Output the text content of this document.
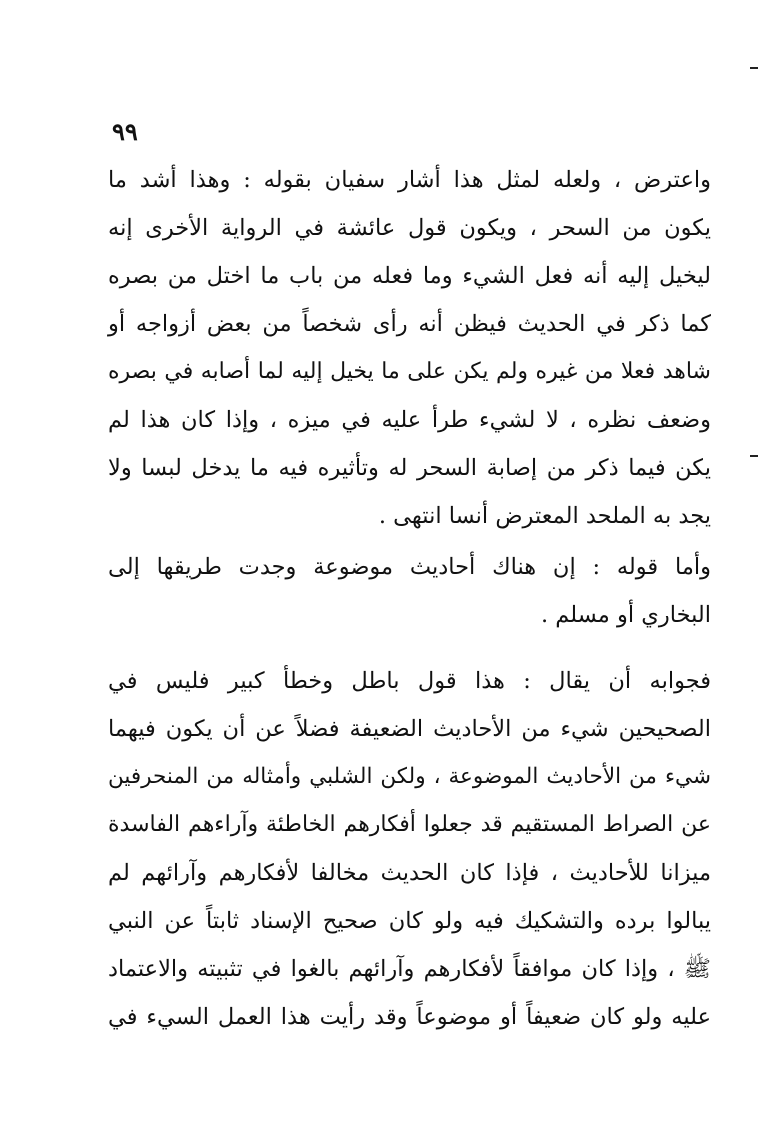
٩٩
واعترض ، ولعله لمثل هذا أشار سفيان بقوله : وهذا أشد ما
يكون من السحر ، ويكون قول عائشة في الرواية الأخرى إنه
ليخيل إليه أنه فعل الشيء وما فعله من باب ما اختل من بصره
كما ذكر في الحديث فيظن أنه رأى شخصاً من بعض أزواجه أو
شاهد فعلا من غيره ولم يكن على ما يخيل إليه لما أصابه في بصره
وضعف نظره ، لا لشيء طرأ عليه في ميزه ، وإذا كان هذا لم
يكن فيما ذكر من إصابة السحر له وتأثيره فيه ما يدخل لبسا ولا
يجد به الملحد المعترض أنسا انتهى .
وأما قوله : إن هناك أحاديث موضوعة وجدت طريقها إلى
البخاري أو مسلم .
فجوابه أن يقال : هذا قول باطل وخطأ كبير فليس في
الصحيحين شيء من الأحاديث الضعيفة فضلاً عن أن يكون فيهما
شيء من الأحاديث الموضوعة ، ولكن الشلبي وأمثاله من المنحرفين
عن الصراط المستقيم قد جعلوا أفكارهم الخاطئة وآراءهم الفاسدة
ميزانا للأحاديث ، فإذا كان الحديث مخالفا لأفكارهم وآرائهم لم
يبالوا برده والتشكيك فيه ولو كان صحيح الإسناد ثابتاً عن النبي
ﷺ ، وإذا كان موافقاً لأفكارهم وآرائهم بالغوا في تثبيته والاعتماد
عليه ولو كان ضعيفاً أو موضوعاً وقد رأيت هذا العمل السيء في
